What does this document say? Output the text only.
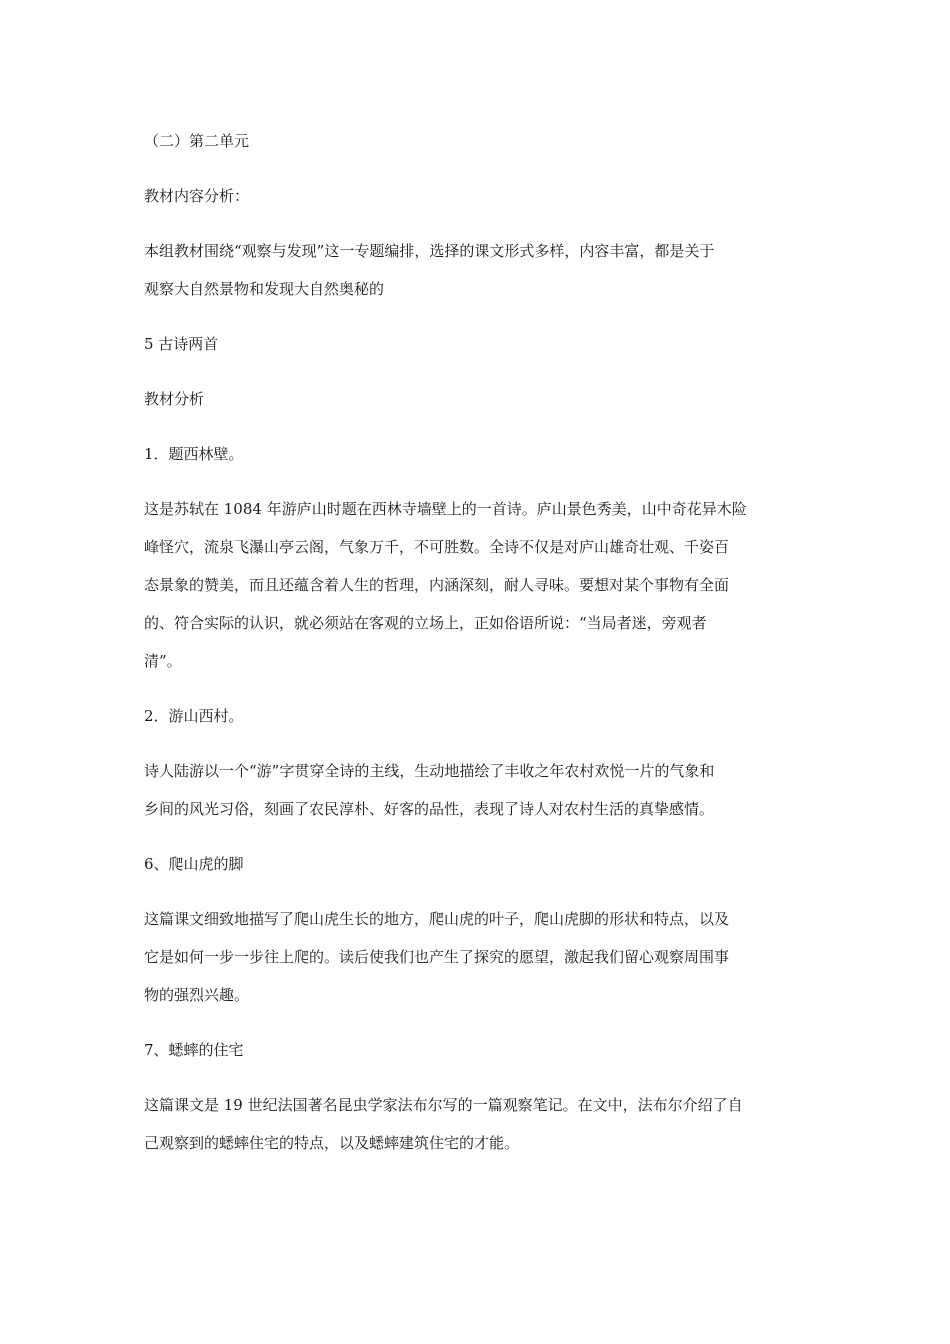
（二）第二单元

教材内容分析：

本组教材围绕“观察与发现”这一专题编排，选择的课文形式多样，内容丰富，都是关于

观察大自然景物和发现大自然奥秘的

5 古诗两首

教材分析

1．题西林壁。

这是苏轼在 1084 年游庐山时题在西林寺墙壁上的一首诗。庐山景色秀美，山中奇花异木险

峰怪穴，流泉飞瀑山亭云阁，气象万千，不可胜数。全诗不仅是对庐山雄奇壮观、千姿百

态景象的赞美，而且还蕴含着人生的哲理，内涵深刻，耐人寻味。要想对某个事物有全面

的、符合实际的认识，就必须站在客观的立场上，正如俗语所说：“当局者迷，旁观者

清”。

2．游山西村。

诗人陆游以一个“游”字贯穿全诗的主线，生动地描绘了丰收之年农村欢悦一片的气象和

乡间的风光习俗，刻画了农民淳朴、好客的品性，表现了诗人对农村生活的真挚感情。

6、爬山虎的脚

这篇课文细致地描写了爬山虎生长的地方，爬山虎的叶子，爬山虎脚的形状和特点，以及

它是如何一步一步往上爬的。读后使我们也产生了探究的愿望，激起我们留心观察周围事

物的强烈兴趣。

7、蟋蟀的住宅

这篇课文是 19 世纪法国著名昆虫学家法布尔写的一篇观察笔记。在文中，法布尔介绍了自

己观察到的蟋蟀住宅的特点，以及蟋蟀建筑住宅的才能。
